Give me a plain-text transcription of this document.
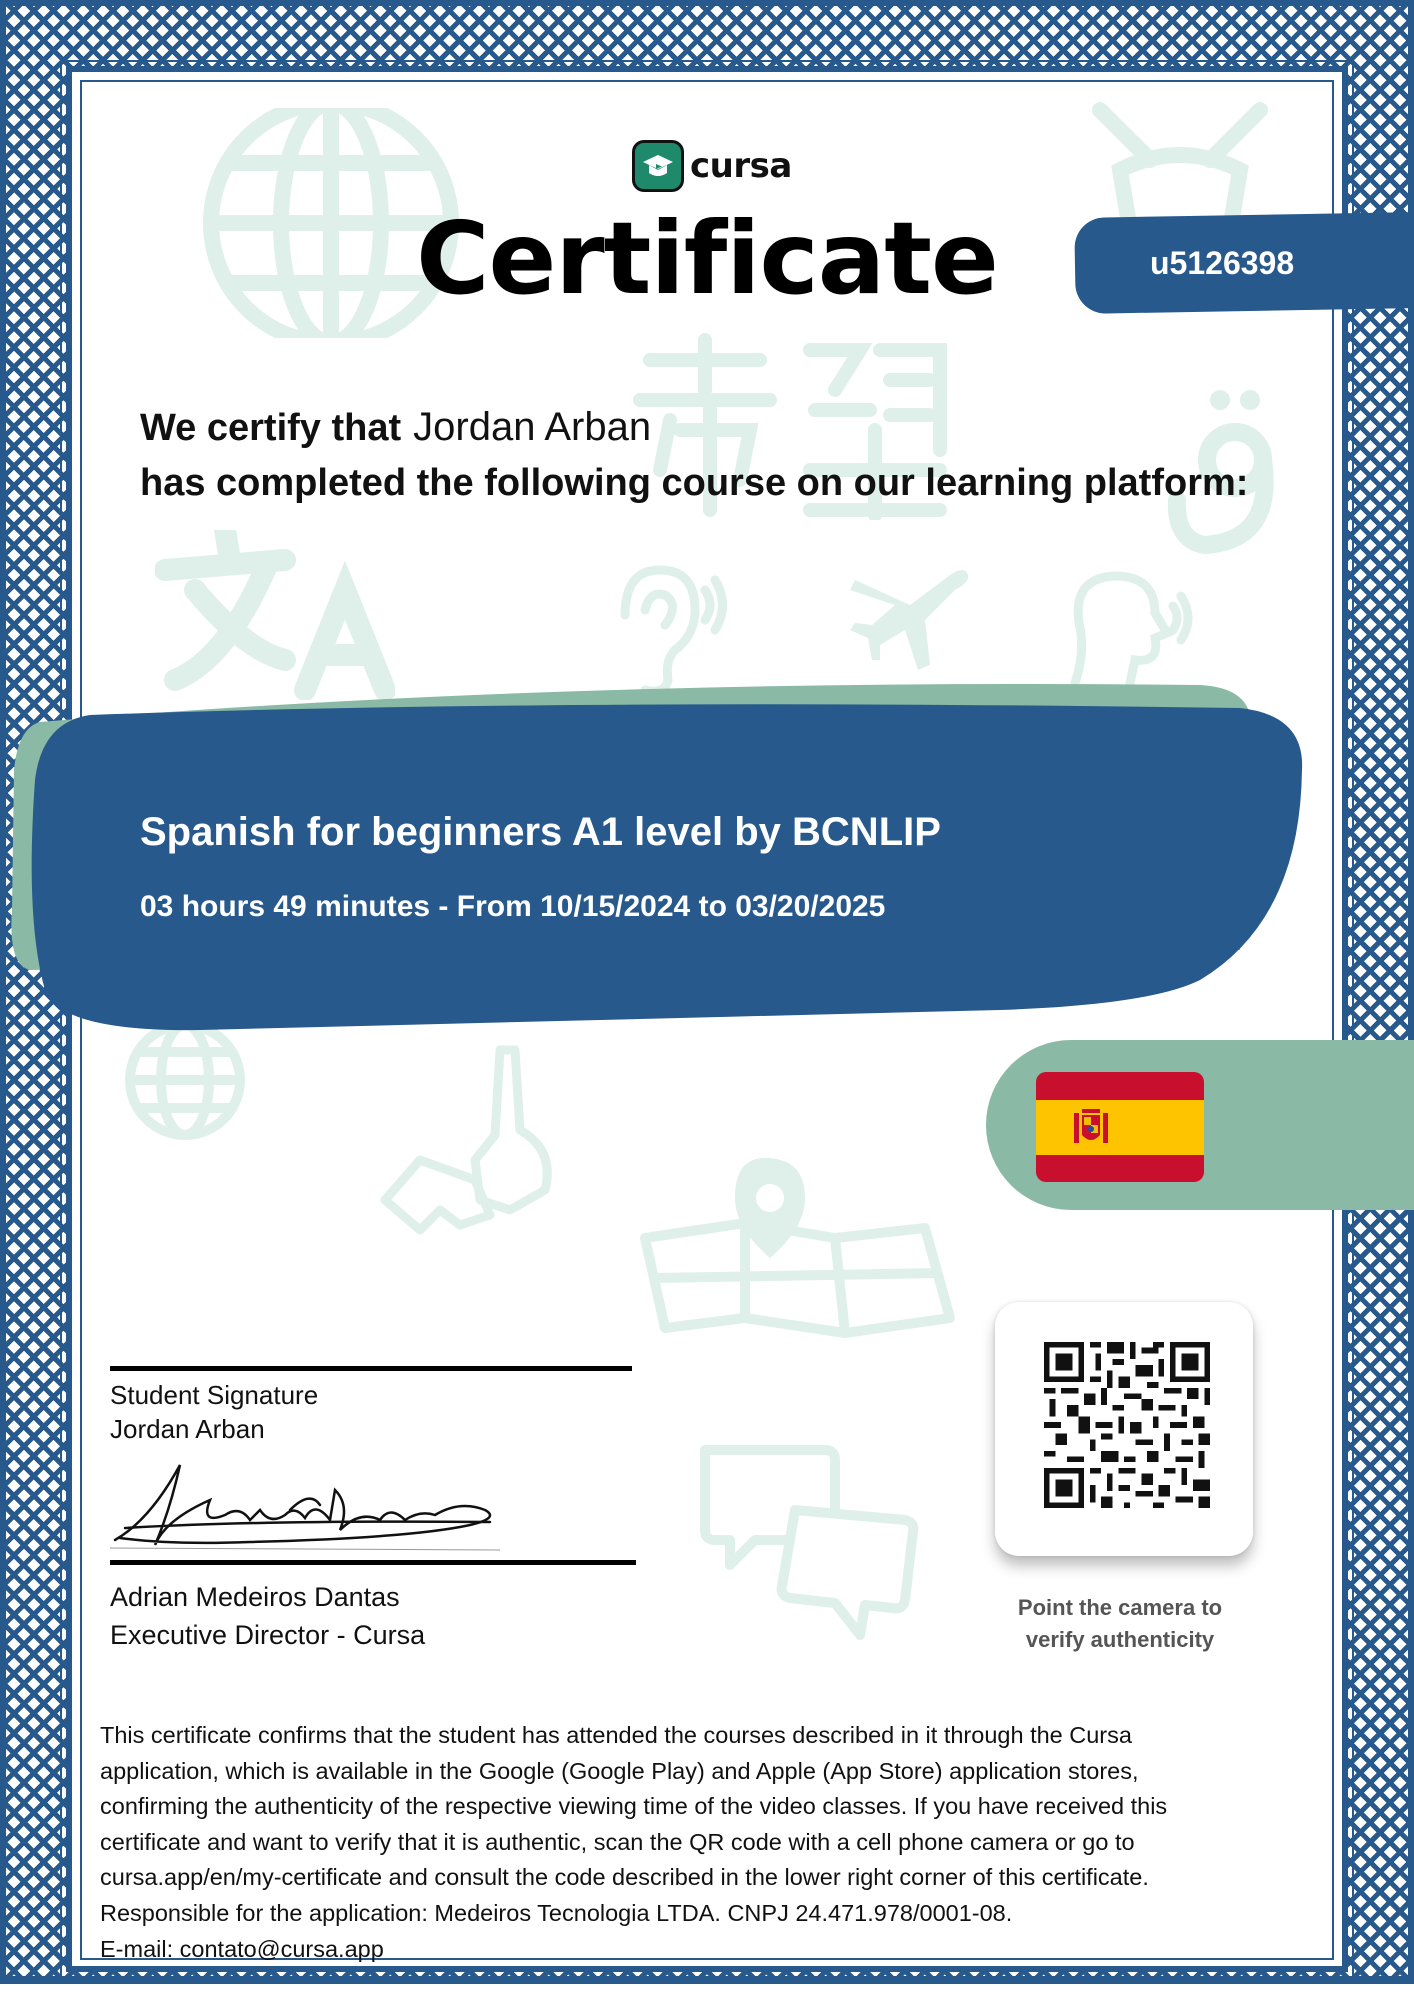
cursa
Certificate	u5126398
We certify that Jordan Arban
has completed the following course on our learning platform:
Spanish for beginners A1 level by BCNLIP
03 hours 49 minutes - From 10/15/2024 to 03/20/2025
Student Signature
Jordan Arban
Adrian Medeiros Dantas
Executive Director - Cursa
Point the camera to
verify authenticity

This certificate confirms that the student has attended the courses described in it through the Cursa

application, which is available in the Google (Google Play) and Apple (App Store) application stores,

confirming the authenticity of the respective viewing time of the video classes. If you have received this

certificate and want to verify that it is authentic, scan the QR code with a cell phone camera or go to

cursa.app/en/my-certificate and consult the code described in the lower right corner of this certificate.

Responsible for the application: Medeiros Tecnologia LTDA. CNPJ 24.471.978/0001-08.

E-mail: contato@cursa.app
